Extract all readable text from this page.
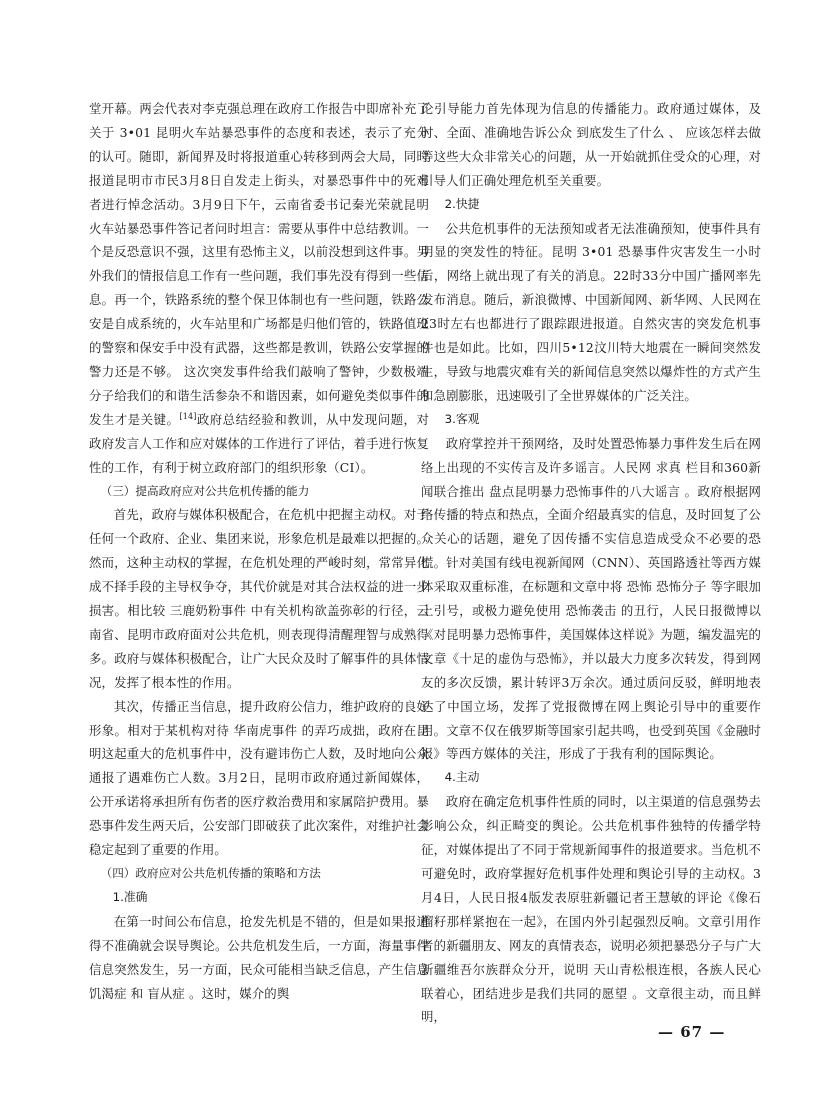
堂开幕。两会代表对李克强总理在政府工作报告中即席补充了关于 3•01 昆明火车站暴恐事件的态度和表述，表示了充分的认可。随即，新闻界及时将报道重心转移到两会大局，同时报道昆明市市民3月8日自发走上街头，对暴恐事件中的死难者进行悼念活动。3月9日下午，云南省委书记秦光荣就昆明火车站暴恐事件答记者问时坦言：需要从事件中总结教训。一个是反恐意识不强，这里有恐怖主义，以前没想到这件事。另外我们的情报信息工作有一些问题，我们事先没有得到一些信息。再一个，铁路系统的整个保卫体制也有一些问题，铁路公安是自成系统的，火车站里和广场都是归他们管的，铁路值班的警察和保安手中没有武器，这些都是教训，铁路公安掌握的警力还是不够。 这次突发事件给我们敲响了警钟，少数极端分子给我们的和谐生活参杂不和谐因素，如何避免类似事件的发生才是关键。[14]政府总结经验和教训，从中发现问题，对政府发言人工作和应对媒体的工作进行了评估，着手进行恢复性的工作，有利于树立政府部门的组织形象（CI）。

（三）提高政府应对公共危机传播的能力

首先，政府与媒体积极配合，在危机中把握主动权。对于任何一个政府、企业、集团来说，形象危机是最难以把握的。然而，这种主动权的掌握，在危机处理的严峻时刻，常常异化成不择手段的主导权争夺，其代价就是对其合法权益的进一步损害。相比较 三鹿奶粉事件 中有关机构欲盖弥彰的行径，云南省、昆明市政府面对公共危机，则表现得清醒理智与成熟得多。政府与媒体积极配合，让广大民众及时了解事件的具体情况，发挥了根本性的作用。

其次，传播正当信息，提升政府公信力，维护政府的良好形象。相对于某机构对待 华南虎事件 的弄巧成拙，政府在昆明这起重大的危机事件中，没有避讳伤亡人数，及时地向公众通报了遇难伤亡人数。3月2日，昆明市政府通过新闻媒体，公开承诺将承担所有伤者的医疗救治费用和家属陪护费用。暴恐事件发生两天后，公安部门即破获了此次案件，对维护社会稳定起到了重要的作用。

（四）政府应对公共危机传播的策略和方法

1.准确

在第一时间公布信息，抢发先机是不错的，但是如果报道得不准确就会误导舆论。公共危机发生后，一方面，海量事件信息突然发生，另一方面，民众可能相当缺乏信息，产生信息 饥渴症 和 盲从症 。这时，媒介的舆

论引导能力首先体现为信息的传播能力。政府通过媒体，及时、全面、准确地告诉公众 到底发生了什么 、 应该怎样去做 等这些大众非常关心的问题，从一开始就抓住受众的心理，对引导人们正确处理危机至关重要。

2.快捷

公共危机事件的无法预知或者无法准确预知，使事件具有明显的突发性的特征。昆明 3•01 恐暴事件灾害发生一小时后，网络上就出现了有关的消息。22时33分中国广播网率先发布消息。随后，新浪微博、中国新闻网、新华网、人民网在23时左右也都进行了跟踪跟进报道。自然灾害的突发危机事件也是如此。比如，四川5•12汶川特大地震在一瞬间突然发生，导致与地震灾难有关的新闻信息突然以爆炸性的方式产生和急剧膨胀，迅速吸引了全世界媒体的广泛关注。

3.客观

政府掌控并干预网络，及时处置恐怖暴力事件发生后在网络上出现的不实传言及许多谣言。人民网 求真 栏目和360新闻联合推出 盘点昆明暴力恐怖事件的八大谣言 。政府根据网络传播的特点和热点，全面介绍最真实的信息，及时回复了公众关心的话题，避免了因传播不实信息造成受众不必要的恐慌。针对美国有线电视新闻网（CNN）、英国路透社等西方媒体采取双重标准，在标题和文章中将 恐怖 恐怖分子 等字眼加上引号，或极力避免使用 恐怖袭击 的丑行，人民日报微博以《对昆明暴力恐怖事件，美国媒体这样说》为题，编发温宪的文章《十足的虚伪与恐怖》，并以最大力度多次转发，得到网友的多次反馈，累计转评3万余次。通过质问反驳，鲜明地表达了中国立场，发挥了党报微博在网上舆论引导中的重要作用。文章不仅在俄罗斯等国家引起共鸣，也受到英国《金融时报》等西方媒体的关注，形成了于我有利的国际舆论。

4.主动

政府在确定危机事件性质的同时，以主渠道的信息强势去影响公众，纠正畸变的舆论。公共危机事件独特的传播学特征，对媒体提出了不同于常规新闻事件的报道要求。当危机不可避免时，政府掌握好危机事件处理和舆论引导的主动权。3月4日，人民日报4版发表原驻新疆记者王慧敏的评论《像石榴籽那样紧抱在一起》，在国内外引起强烈反响。文章引用作者的新疆朋友、网友的真情表态，说明必须把暴恐分子与广大新疆维吾尔族群众分开，说明 天山青松根连根，各族人民心联着心，团结进步是我们共同的愿望 。文章很主动，而且鲜明，

— 67 —
